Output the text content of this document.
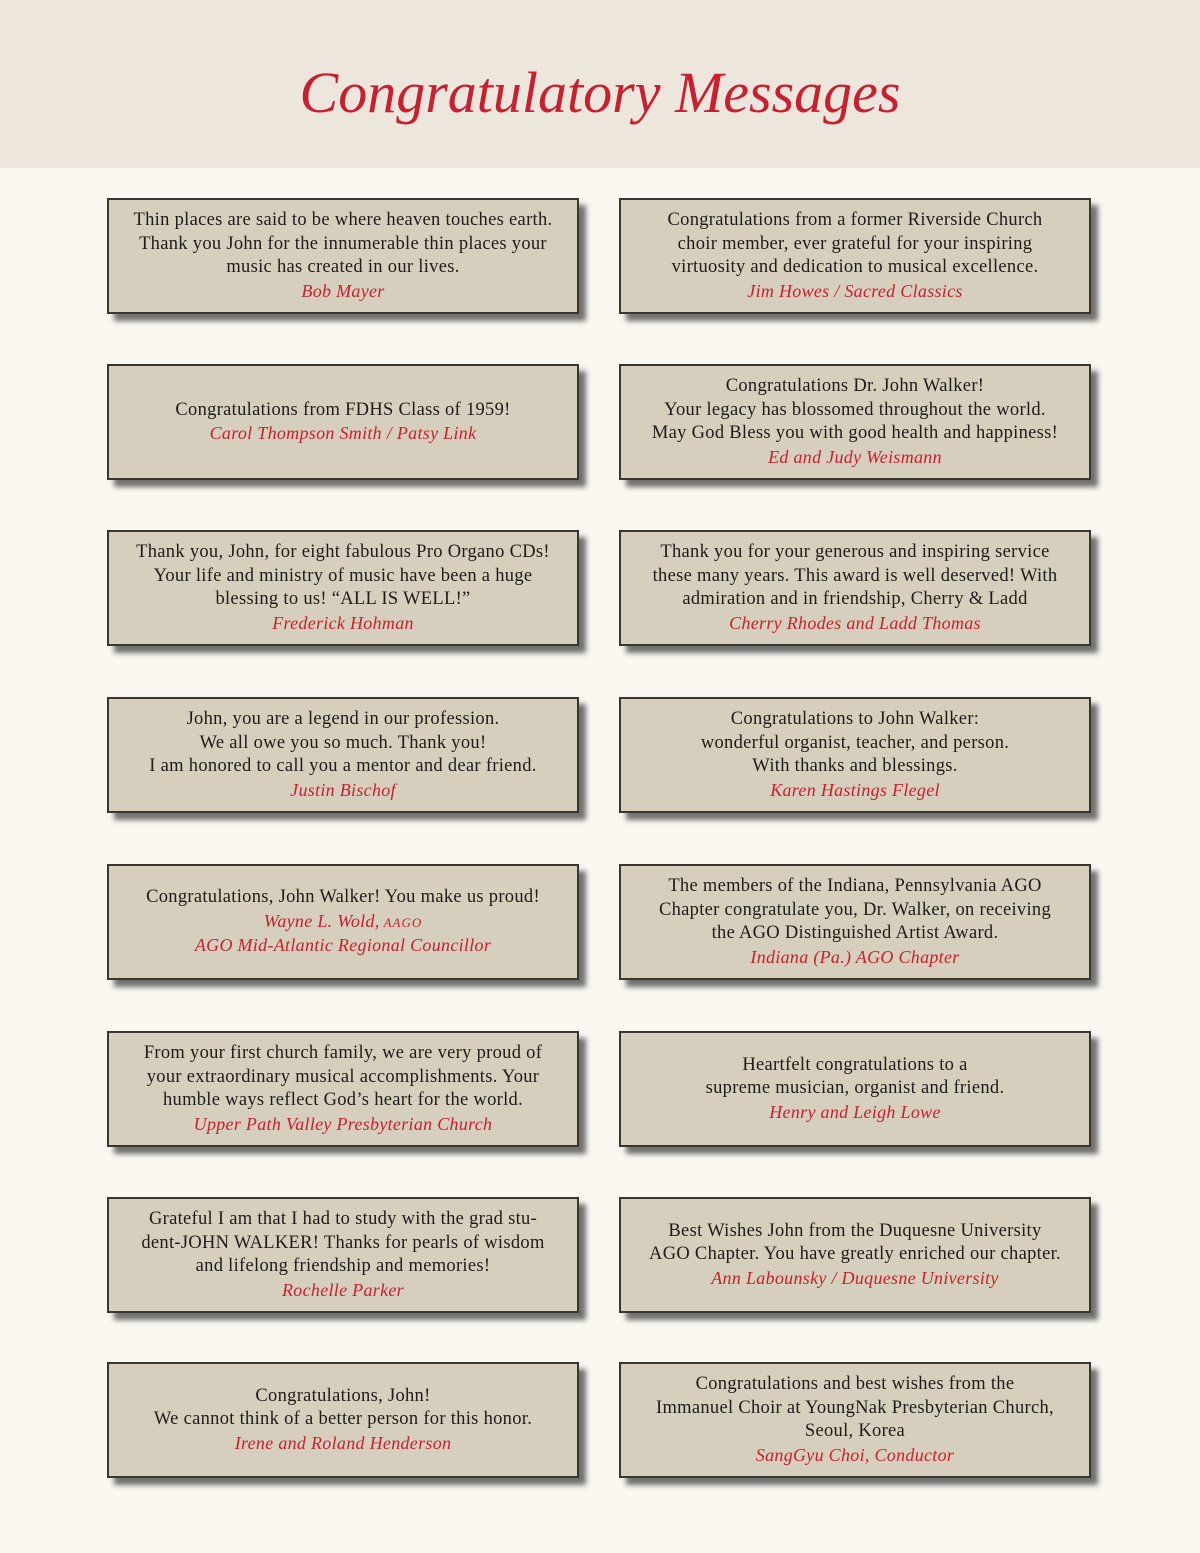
Congratulatory Messages
Thin places are said to be where heaven touches earth.
Thank you John for the innumerable thin places your
music has created in our lives.
Bob Mayer
Congratulations from a former Riverside Church
choir member, ever grateful for your inspiring
virtuosity and dedication to musical excellence.
Jim Howes / Sacred Classics
Congratulations from FDHS Class of 1959!
Carol Thompson Smith / Patsy Link
Congratulations Dr. John Walker!
Your legacy has blossomed throughout the world.
May God Bless you with good health and happiness!
Ed and Judy Weismann
Thank you, John, for eight fabulous Pro Organo CDs!
Your life and ministry of music have been a huge
blessing to us! “ALL IS WELL!”
Frederick Hohman
Thank you for your generous and inspiring service
these many years. This award is well deserved! With
admiration and in friendship, Cherry & Ladd
Cherry Rhodes and Ladd Thomas
John, you are a legend in our profession.
We all owe you so much. Thank you!
I am honored to call you a mentor and dear friend.
Justin Bischof
Congratulations to John Walker:
wonderful organist, teacher, and person.
With thanks and blessings.
Karen Hastings Flegel
Congratulations, John Walker! You make us proud!
Wayne L. Wold, AAGO
AGO Mid-Atlantic Regional Councillor
The members of the Indiana, Pennsylvania AGO
Chapter congratulate you, Dr. Walker, on receiving
the AGO Distinguished Artist Award.
Indiana (Pa.) AGO Chapter
From your first church family, we are very proud of
your extraordinary musical accomplishments. Your
humble ways reflect God’s heart for the world.
Upper Path Valley Presbyterian Church
Heartfelt congratulations to a
supreme musician, organist and friend.
Henry and Leigh Lowe
Grateful I am that I had to study with the grad stu-
dent-JOHN WALKER! Thanks for pearls of wisdom
and lifelong friendship and memories!
Rochelle Parker
Best Wishes John from the Duquesne University
AGO Chapter. You have greatly enriched our chapter.
Ann Labounsky / Duquesne University
Congratulations, John!
We cannot think of a better person for this honor.
Irene and Roland Henderson
Congratulations and best wishes from the
Immanuel Choir at YoungNak Presbyterian Church,
Seoul, Korea
SangGyu Choi, Conductor
